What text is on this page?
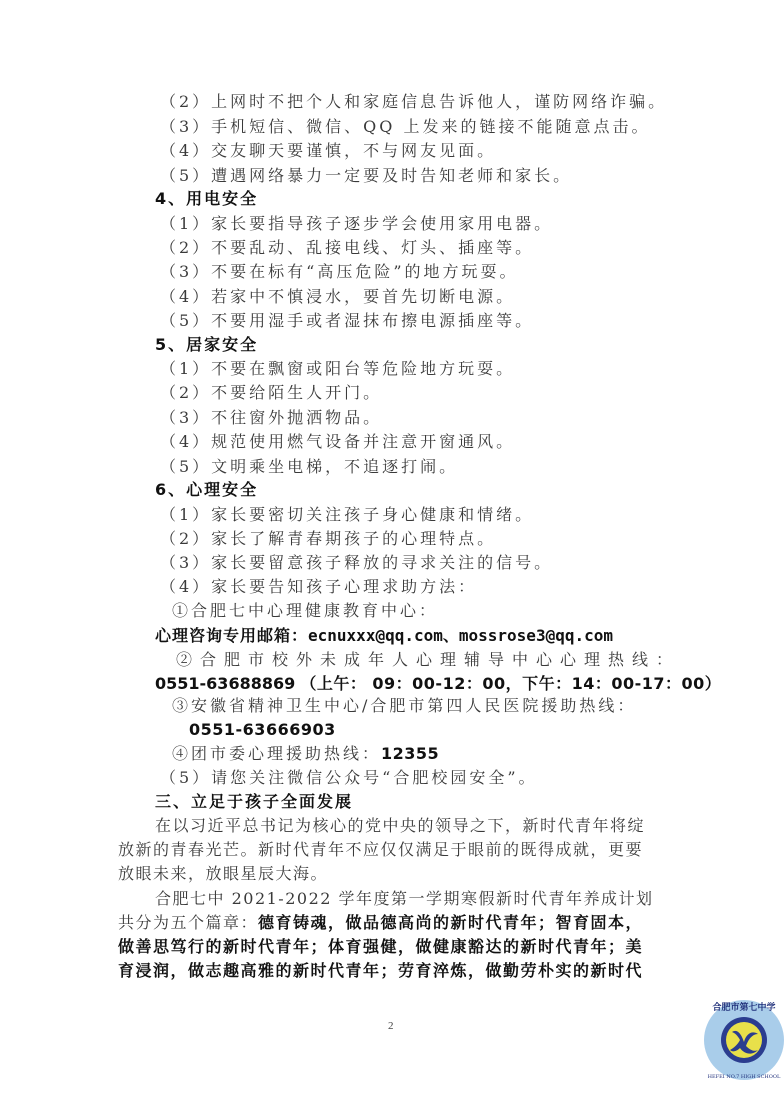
（2）上网时不把个人和家庭信息告诉他人，谨防网络诈骗。
（3）手机短信、微信、QQ 上发来的链接不能随意点击。
（4）交友聊天要谨慎，不与网友见面。
（5）遭遇网络暴力一定要及时告知老师和家长。
4、用电安全
（1）家长要指导孩子逐步学会使用家用电器。
（2）不要乱动、乱接电线、灯头、插座等。
（3）不要在标有“高压危险”的地方玩耍。
（4）若家中不慎浸水，要首先切断电源。
（5）不要用湿手或者湿抹布擦电源插座等。
5、居家安全
（1）不要在飘窗或阳台等危险地方玩耍。
（2）不要给陌生人开门。
（3）不往窗外抛洒物品。
（4）规范使用燃气设备并注意开窗通风。
（5）文明乘坐电梯，不追逐打闹。
6、心理安全
（1）家长要密切关注孩子身心健康和情绪。
（2）家长了解青春期孩子的心理特点。
（3）家长要留意孩子释放的寻求关注的信号。
（4）家长要告知孩子心理求助方法：
①合肥七中心理健康教育中心：
心理咨询专用邮箱：ecnuxxx@qq.com、mossrose3@qq.com
②合肥市校外未成年人心理辅导中心心理热线：
0551-63688869 （上午： 09：00-12：00，下午：14：00-17：00）
③安徽省精神卫生中心/合肥市第四人民医院援助热线：
0551-63666903
④团市委心理援助热线：12355
（5）请您关注微信公众号“合肥校园安全”。
三、立足于孩子全面发展
在以习近平总书记为核心的党中央的领导之下，新时代青年将绽
放新的青春光芒。新时代青年不应仅仅满足于眼前的既得成就，更要
放眼未来，放眼星辰大海。
合肥七中 2021-2022 学年度第一学期寒假新时代青年养成计划
共分为五个篇章：德育铸魂，做品德高尚的新时代青年；智育固本，
做善思笃行的新时代青年；体育强健，做健康豁达的新时代青年；美
育浸润，做志趣高雅的新时代青年；劳育淬炼，做勤劳朴实的新时代
2
合肥市第七中学
HEFEI NO.7 HIGH SCHOOL
